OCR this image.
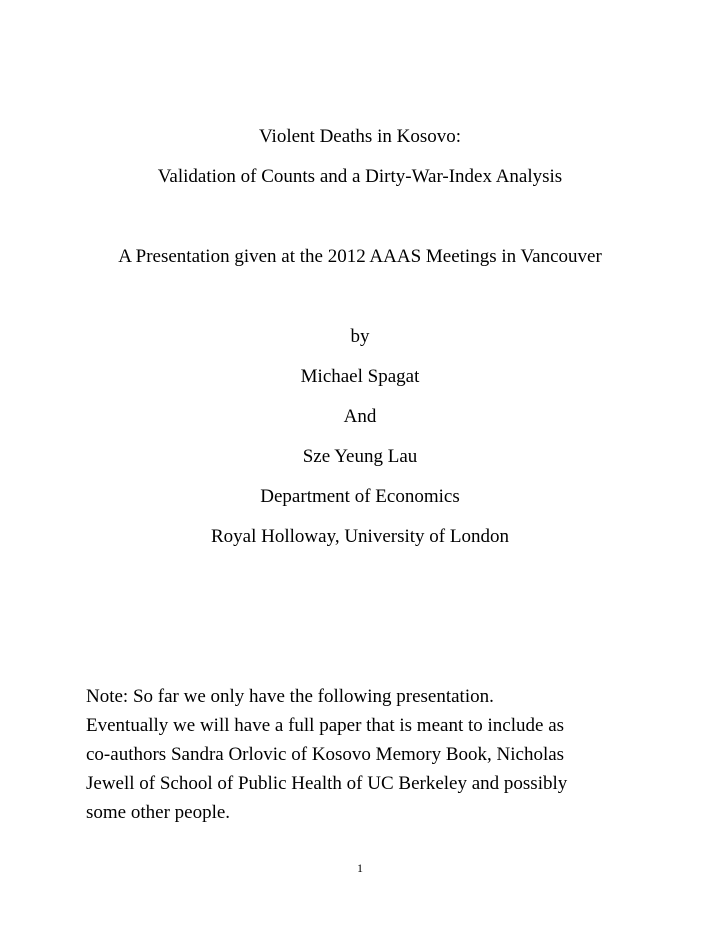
Violent Deaths in Kosovo:
Validation of Counts and a Dirty-War-Index Analysis
A Presentation given at the 2012 AAAS Meetings in Vancouver
by
Michael Spagat
And
Sze Yeung Lau
Department of Economics
Royal Holloway, University of London
Note: So far we only have the following presentation.
Eventually we will have a full paper that is meant to include as
co-authors Sandra Orlovic of Kosovo Memory Book, Nicholas
Jewell of School of Public Health of UC Berkeley and possibly
some other people.
1
